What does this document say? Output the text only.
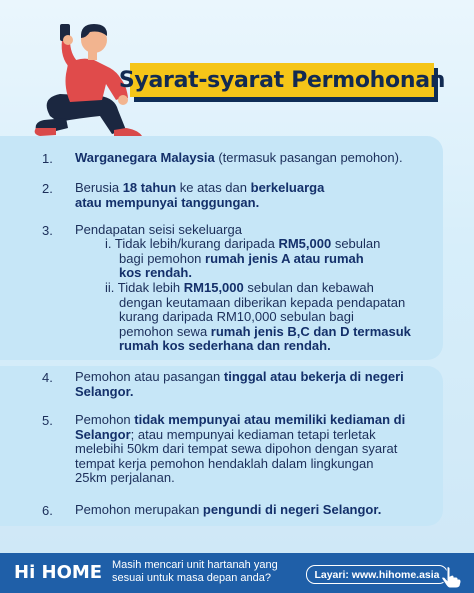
Syarat-syarat Permohonan
1. Warganegara Malaysia (termasuk pasangan pemohon).
2. Berusia 18 tahun ke atas dan berkeluarga
atau mempunyai tanggungan.
3. Pendapatan seisi sekeluarga
i. Tidak lebih/kurang daripada RM5,000 sebulan
bagi pemohon rumah jenis A atau rumah
kos rendah.
ii. Tidak lebih RM15,000 sebulan dan kebawah
dengan keutamaan diberikan kepada pendapatan
kurang daripada RM10,000 sebulan bagi
pemohon sewa rumah jenis B,C dan D termasuk
rumah kos sederhana dan rendah.
4. Pemohon atau pasangan tinggal atau bekerja di negeri
Selangor.
5. Pemohon tidak mempunyai atau memiliki kediaman di
Selangor; atau mempunyai kediaman tetapi terletak
melebihi 50km dari tempat sewa dipohon dengan syarat
tempat kerja pemohon hendaklah dalam lingkungan
25km perjalanan.
6. Pemohon merupakan pengundi di negeri Selangor.
Hi HOME Masih mencari unit hartanah yang
sesuai untuk masa depan anda?	Layari: www.hihome.asia
